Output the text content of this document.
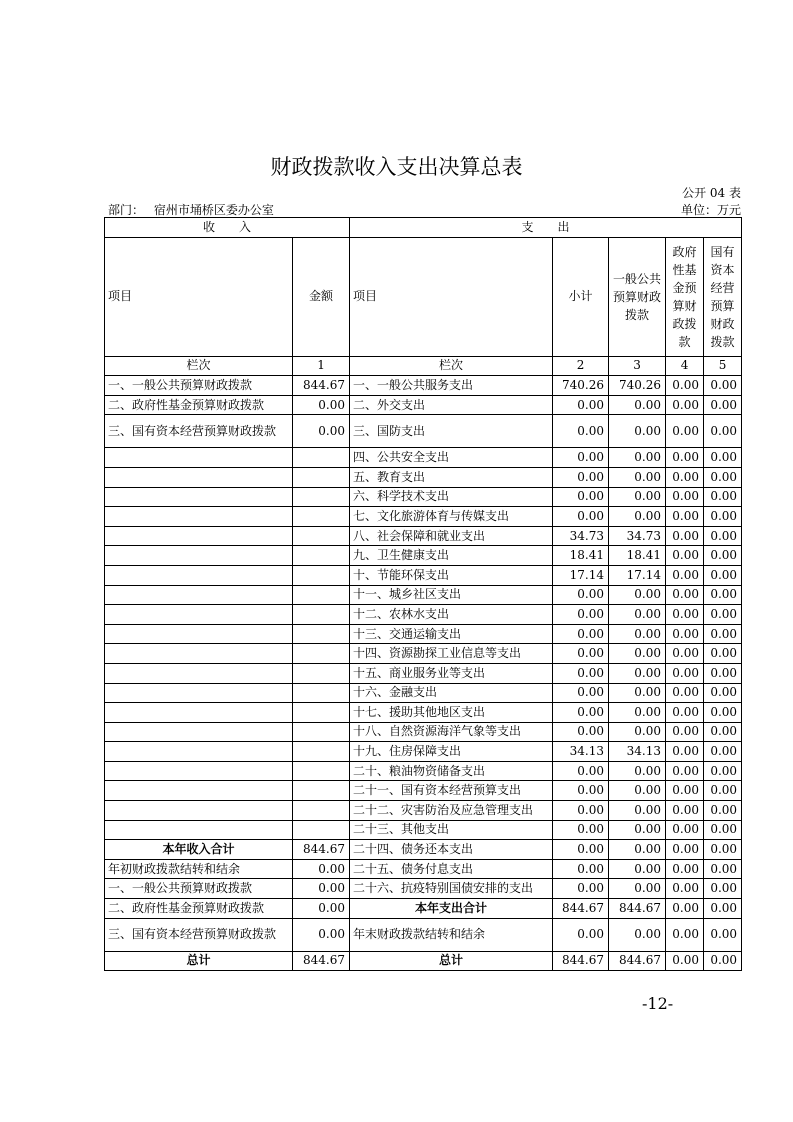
财政拨款收入支出决算总表
公开 04 表
部门： 宿州市埇桥区委办公室	单位：万元
收　　入		支　　出				
项目	金额	项目	小计	一般公共预算财政拨款	政府性基金预算财政拨款	国有资本经营预算财政拨款
栏次	1	栏次	2	3	4	5
一、一般公共预算财政拨款	844.67	一、一般公共服务支出	740.26	740.26	0.00	0.00
二、政府性基金预算财政拨款	0.00	二、外交支出	0.00	0.00	0.00	0.00
三、国有资本经营预算财政拨款	0.00	三、国防支出	0.00	0.00	0.00	0.00
		四、公共安全支出	0.00	0.00	0.00	0.00
		五、教育支出	0.00	0.00	0.00	0.00
		六、科学技术支出	0.00	0.00	0.00	0.00
		七、文化旅游体育与传媒支出	0.00	0.00	0.00	0.00
		八、社会保障和就业支出	34.73	34.73	0.00	0.00
		九、卫生健康支出	18.41	18.41	0.00	0.00
		十、节能环保支出	17.14	17.14	0.00	0.00
		十一、城乡社区支出	0.00	0.00	0.00	0.00
		十二、农林水支出	0.00	0.00	0.00	0.00
		十三、交通运输支出	0.00	0.00	0.00	0.00
		十四、资源勘探工业信息等支出	0.00	0.00	0.00	0.00
		十五、商业服务业等支出	0.00	0.00	0.00	0.00
		十六、金融支出	0.00	0.00	0.00	0.00
		十七、援助其他地区支出	0.00	0.00	0.00	0.00
		十八、自然资源海洋气象等支出	0.00	0.00	0.00	0.00
		十九、住房保障支出	34.13	34.13	0.00	0.00
		二十、粮油物资储备支出	0.00	0.00	0.00	0.00
		二十一、国有资本经营预算支出	0.00	0.00	0.00	0.00
		二十二、灾害防治及应急管理支出	0.00	0.00	0.00	0.00
		二十三、其他支出	0.00	0.00	0.00	0.00
本年收入合计	844.67	二十四、债务还本支出	0.00	0.00	0.00	0.00
年初财政拨款结转和结余	0.00	二十五、债务付息支出	0.00	0.00	0.00	0.00
一、一般公共预算财政拨款	0.00	二十六、抗疫特别国债安排的支出	0.00	0.00	0.00	0.00
二、政府性基金预算财政拨款	0.00	本年支出合计	844.67	844.67	0.00	0.00
三、国有资本经营预算财政拨款	0.00	年末财政拨款结转和结余	0.00	0.00	0.00	0.00
总计	844.67	总计	844.67	844.67	0.00	0.00
-12-
